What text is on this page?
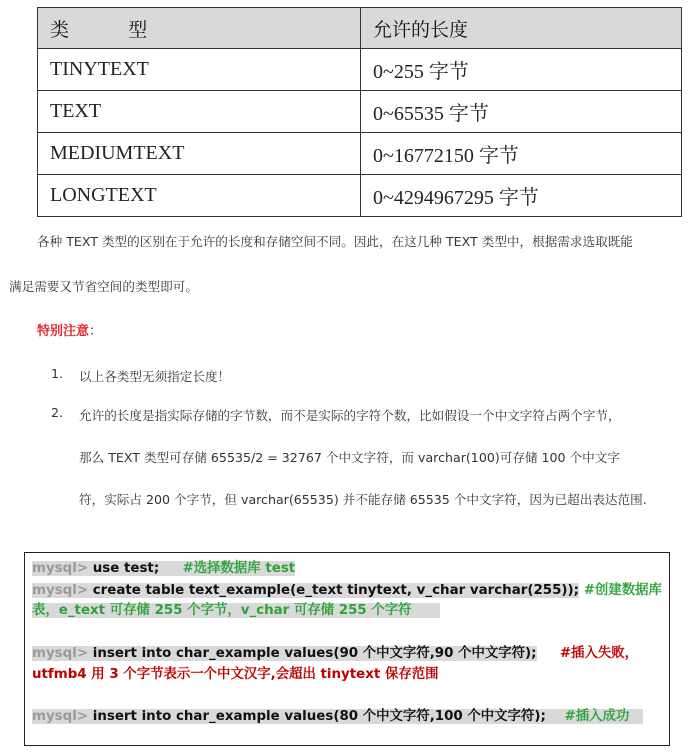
类 型	允许的长度
TINYTEXT	0~255 字节
TEXT	0~65535 字节
MEDIUMTEXT	0~16772150 字节
LONGTEXT	0~4294967295 字节
各种 TEXT 类型的区别在于允许的长度和存储空间不同。因此，在这几种 TEXT 类型中，根据需求选取既能
满足需要又节省空间的类型即可。
特别注意：
1. 以上各类型无须指定长度！
2. 允许的长度是指实际存储的字节数，而不是实际的字符个数，比如假设一个中文字符占两个字节，
那么 TEXT 类型可存储 65535/2 = 32767 个中文字符，而 varchar(100)可存储 100 个中文字
符，实际占 200 个字节，但 varchar(65535) 并不能存储 65535 个中文字符，因为已超出表达范围.
mysql> use test; #选择数据库 test
mysql> create table text_example(e_text tinytext, v_char varchar(255)); #创建数据库
表，e_text 可存储 255 个字节，v_char 可存储 255 个字符
mysql> insert into char_example values(90 个中文字符,90 个中文字符); #插入失败，
utfmb4 用 3 个字节表示一个中文汉字,会超出 tinytext 保存范围
mysql> insert into char_example values(80 个中文字符,100 个中文字符); #插入成功
